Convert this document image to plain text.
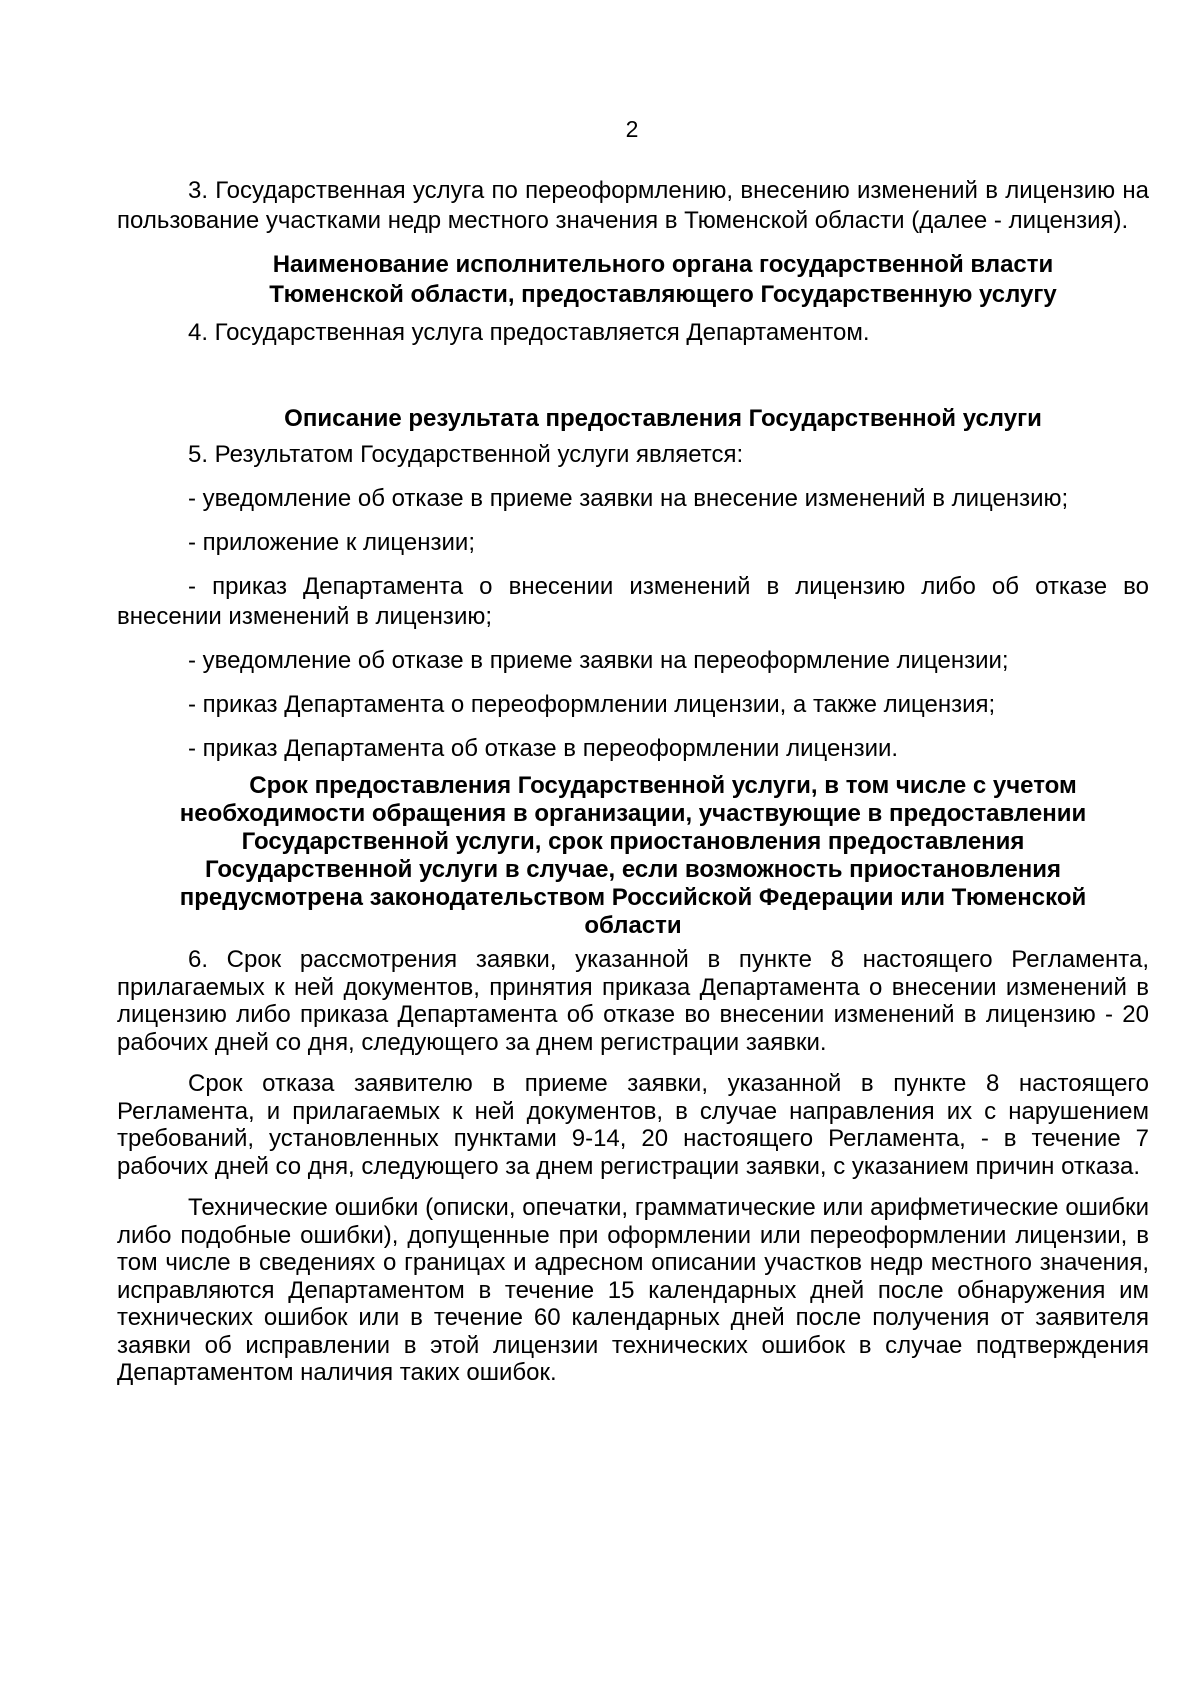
2

3. Государственная услуга по переоформлению, внесению изменений в лицензию на пользование участками недр местного значения в Тюменской области (далее - лицензия).

Наименование исполнительного органа государственной власти
Тюменской области, предоставляющего Государственную услугу

4. Государственная услуга предоставляется Департаментом.

Описание результата предоставления Государственной услуги

5. Результатом Государственной услуги является:

- уведомление об отказе в приеме заявки на внесение изменений в лицензию;

- приложение к лицензии;

- приказ Департамента о внесении изменений в лицензию либо об отказе во внесении изменений в лицензию;

- уведомление об отказе в приеме заявки на переоформление лицензии;

- приказ Департамента о переоформлении лицензии, а также лицензия;

- приказ Департамента об отказе в переоформлении лицензии.

Срок предоставления Государственной услуги, в том числе с учетом
необходимости обращения в организации, участвующие в предоставлении
Государственной услуги, срок приостановления предоставления
Государственной услуги в случае, если возможность приостановления
предусмотрена законодательством Российской Федерации или Тюменской
области

6. Срок рассмотрения заявки, указанной в пункте 8 настоящего Регламента, прилагаемых к ней документов, принятия приказа Департамента о внесении изменений в лицензию либо приказа Департамента об отказе во внесении изменений в лицензию - 20 рабочих дней со дня, следующего за днем регистрации заявки.

Срок отказа заявителю в приеме заявки, указанной в пункте 8 настоящего Регламента, и прилагаемых к ней документов, в случае направления их с нарушением требований, установленных пунктами 9-14, 20 настоящего Регламента, - в течение 7 рабочих дней со дня, следующего за днем регистрации заявки, с указанием причин отказа.

Технические ошибки (описки, опечатки, грамматические или арифметические ошибки либо подобные ошибки), допущенные при оформлении или переоформлении лицензии, в том числе в сведениях о границах и адресном описании участков недр местного значения, исправляются Департаментом в течение 15 календарных дней после обнаружения им технических ошибок или в течение 60 календарных дней после получения от заявителя заявки об исправлении в этой лицензии технических ошибок в случае подтверждения Департаментом наличия таких ошибок.
